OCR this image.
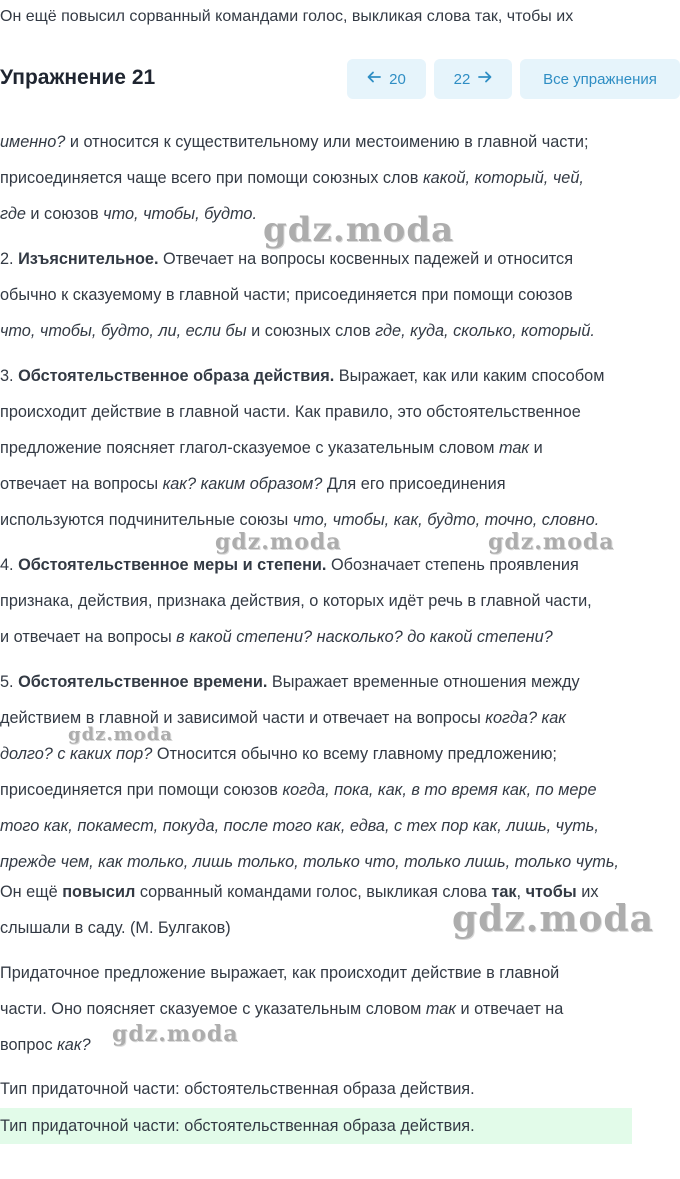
Он ещё повысил сорванный командами голос, выкликая слова так, чтобы их
Упражнение 21	20	22	Все упражнения

именно? и относится к существительному или местоимению в главной части;

присоединяется чаще всего при помощи союзных слов какой, который, чей,

где и союзов что, чтобы, будто.

2. Изъяснительное. Отвечает на вопросы косвенных падежей и относится

обычно к сказуемому в главной части; присоединяется при помощи союзов

что, чтобы, будто, ли, если бы и союзных слов где, куда, сколько, который.

3. Обстоятельственное образа действия. Выражает, как или каким способом

происходит действие в главной части. Как правило, это обстоятельственное

предложение поясняет глагол-сказуемое с указательным словом так и

отвечает на вопросы как? каким образом? Для его присоединения

используются подчинительные союзы что, чтобы, как, будто, точно, словно.

4. Обстоятельственное меры и степени. Обозначает степень проявления

признака, действия, признака действия, о которых идёт речь в главной части,

и отвечает на вопросы в какой степени? насколько? до какой степени?

5. Обстоятельственное времени. Выражает временные отношения между

действием в главной и зависимой части и отвечает на вопросы когда? как

долго? с каких пор? Относится обычно ко всему главному предложению;

присоединяется при помощи союзов когда, пока, как, в то время как, по мере

того как, покамест, покуда, после того как, едва, с тех пор как, лишь, чуть,

прежде чем, как только, лишь только, только что, только лишь, только чуть,

Он ещё повысил сорванный командами голос, выкликая слова так, чтобы их

слышали в саду. (М. Булгаков)

Придаточное предложение выражает, как происходит действие в главной

части. Оно поясняет сказуемое с указательным словом так и отвечает на

вопрос как?

Тип придаточной части: обстоятельственная образа действия.
Тип придаточной части: обстоятельственная образа действия.
gdz.moda
gdz.moda	gdz.moda
gdz.moda
gdz.moda
gdz.moda
